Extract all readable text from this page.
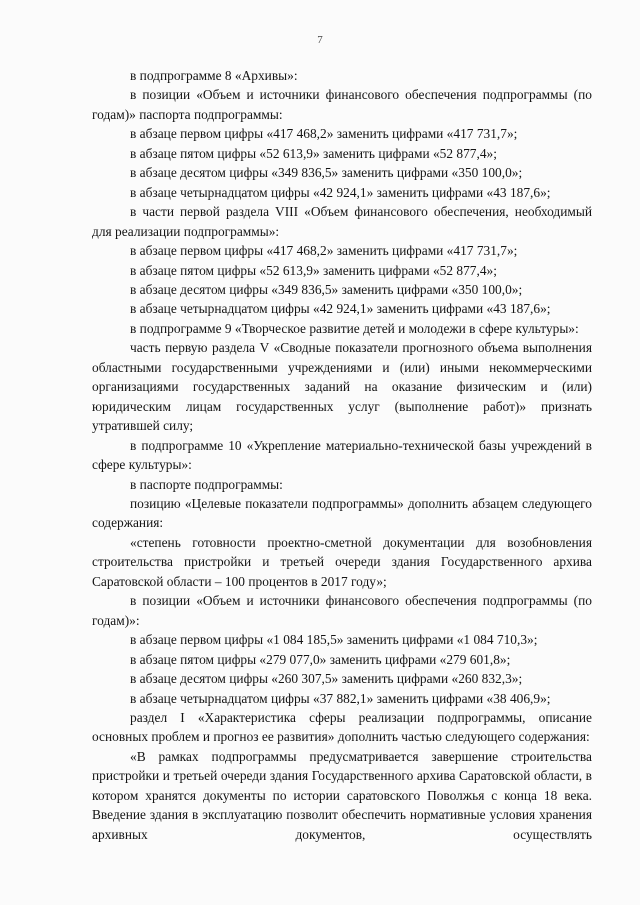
7

в подпрограмме 8 «Архивы»:

в позиции «Объем и источники финансового обеспечения подпрограммы (по годам)» паспорта подпрограммы:

в абзаце первом цифры «417 468,2» заменить цифрами «417 731,7»;

в абзаце пятом цифры «52 613,9» заменить цифрами «52 877,4»;

в абзаце десятом цифры «349 836,5» заменить цифрами «350 100,0»;

в абзаце четырнадцатом цифры «42 924,1» заменить цифрами «43 187,6»;

в части первой раздела VIII «Объем финансового обеспечения, необходимый для реализации подпрограммы»:

в абзаце первом цифры «417 468,2» заменить цифрами «417 731,7»;

в абзаце пятом цифры «52 613,9» заменить цифрами «52 877,4»;

в абзаце десятом цифры «349 836,5» заменить цифрами «350 100,0»;

в абзаце четырнадцатом цифры «42 924,1» заменить цифрами «43 187,6»;

в подпрограмме 9 «Творческое развитие детей и молодежи в сфере культуры»:

часть первую раздела V «Сводные показатели прогнозного объема выполнения областными государственными учреждениями и (или) иными некоммерческими организациями государственных заданий на оказание физическим и (или) юридическим лицам государственных услуг (выполнение работ)» признать утратившей силу;

в подпрограмме 10 «Укрепление материально-технической базы учреждений в сфере культуры»:

в паспорте подпрограммы:

позицию «Целевые показатели подпрограммы» дополнить абзацем следующего содержания:

«степень готовности проектно-сметной документации для возобновления строительства пристройки и третьей очереди здания Государственного архива Саратовской области – 100 процентов в 2017 году»;

в позиции «Объем и источники финансового обеспечения подпрограммы (по годам)»:

в абзаце первом цифры «1 084 185,5» заменить цифрами «1 084 710,3»;

в абзаце пятом цифры «279 077,0» заменить цифрами «279 601,8»;

в абзаце десятом цифры «260 307,5» заменить цифрами «260 832,3»;

в абзаце четырнадцатом цифры «37 882,1» заменить цифрами «38 406,9»;

раздел I «Характеристика сферы реализации подпрограммы, описание основных проблем и прогноз ее развития» дополнить частью следующего содержания:

«В рамках подпрограммы предусматривается завершение строительства пристройки и третьей очереди здания Государственного архива Саратовской области, в котором хранятся документы по истории саратовского Поволжья с конца 18 века. Введение здания в эксплуатацию позволит обеспечить нормативные условия хранения архивных документов, осуществлять
